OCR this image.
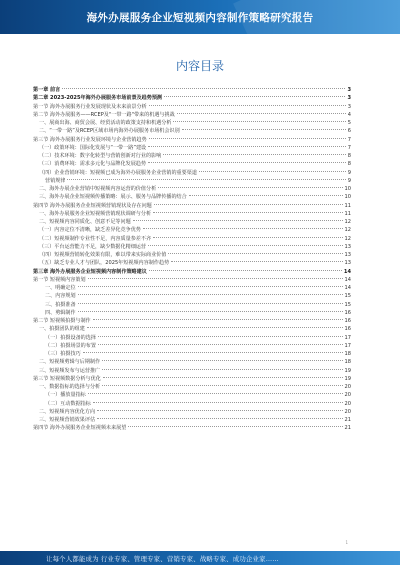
海外办展服务企业短视频内容制作策略研究报告
内容目录
第一章 前言	3
第二章 2023-2025年海外办展服务市场前景及趋势预测	3
第一节 海外办展服务行业发展现状及未来前景分析	3
第二节 海外办展服务——RCEP及"一带一路"带来的机遇与挑战	4
一、展商出海、商贸会展、经贸活动的政策支持和机遇分析	5
二、“一带一路”及RCEP区域市场内海外办展服务市场机会识别	6
第三节 海外办展服务行业发展环境与企业营销趋势	7
（一）政策环境：国际化发展与“一带一路”建设	7
（二）技术环境：数字化转型与营销创新对行业的影响	8
（三）消费环境：需求多元化与品牌化发展趋势	8
（四）企业营销环境：短视频已成为海外办展服务企业营销的重要渠道	9
营销规律	9
二、海外办展企业营销中短视频内容运营的价值分析	10
三、海外办展企业短视频传播策略：展示、服务与品牌传播的结合	10
第四节 海外办展服务企业短视频营销现状及存在问题	11
一、海外办展服务企业短视频营销现状调研与分析	11
二、短视频内容同质化、创意不足等问题	12
（一）内容定位不清晰，缺乏差异化竞争优势	12
（二）短视频制作专业性不足，内容质量参差不齐	12
（三）平台运营能力不足，缺少数据化精细运营	13
（四）短视频营销转化效果有限，难以带来实际商业价值	13
（五）缺乏专业人才与团队，2025年短视频内容制作趋势	13
第三章 海外办展服务企业短视频内容制作策略建议	14
第一节 短视频内容策划	14
一、明确定位	14
二、内容规划	15
三、拍摄准备	15
四、剪辑制作	16
第二节 短视频拍摄与制作	16
一、拍摄团队的组建	16
（一）拍摄设备的选择	17
（二）拍摄场景的布置	17
（三）拍摄技巧	18
二、短视频剪辑与后期制作	18
三、短视频发布与运营推广	19
第三节 短视频数据分析与优化	19
一、数据指标的选择与分析	20
（一）播放量指标	20
（二）互动数据指标	20
二、短视频内容优化方向	20
三、短视频营销效果评估	21
第四节 海外办展服务企业短视频未来展望	21
1
让每个人都能成为 行业专家、管理专家、营销专家、战略专家、成功企业家……
